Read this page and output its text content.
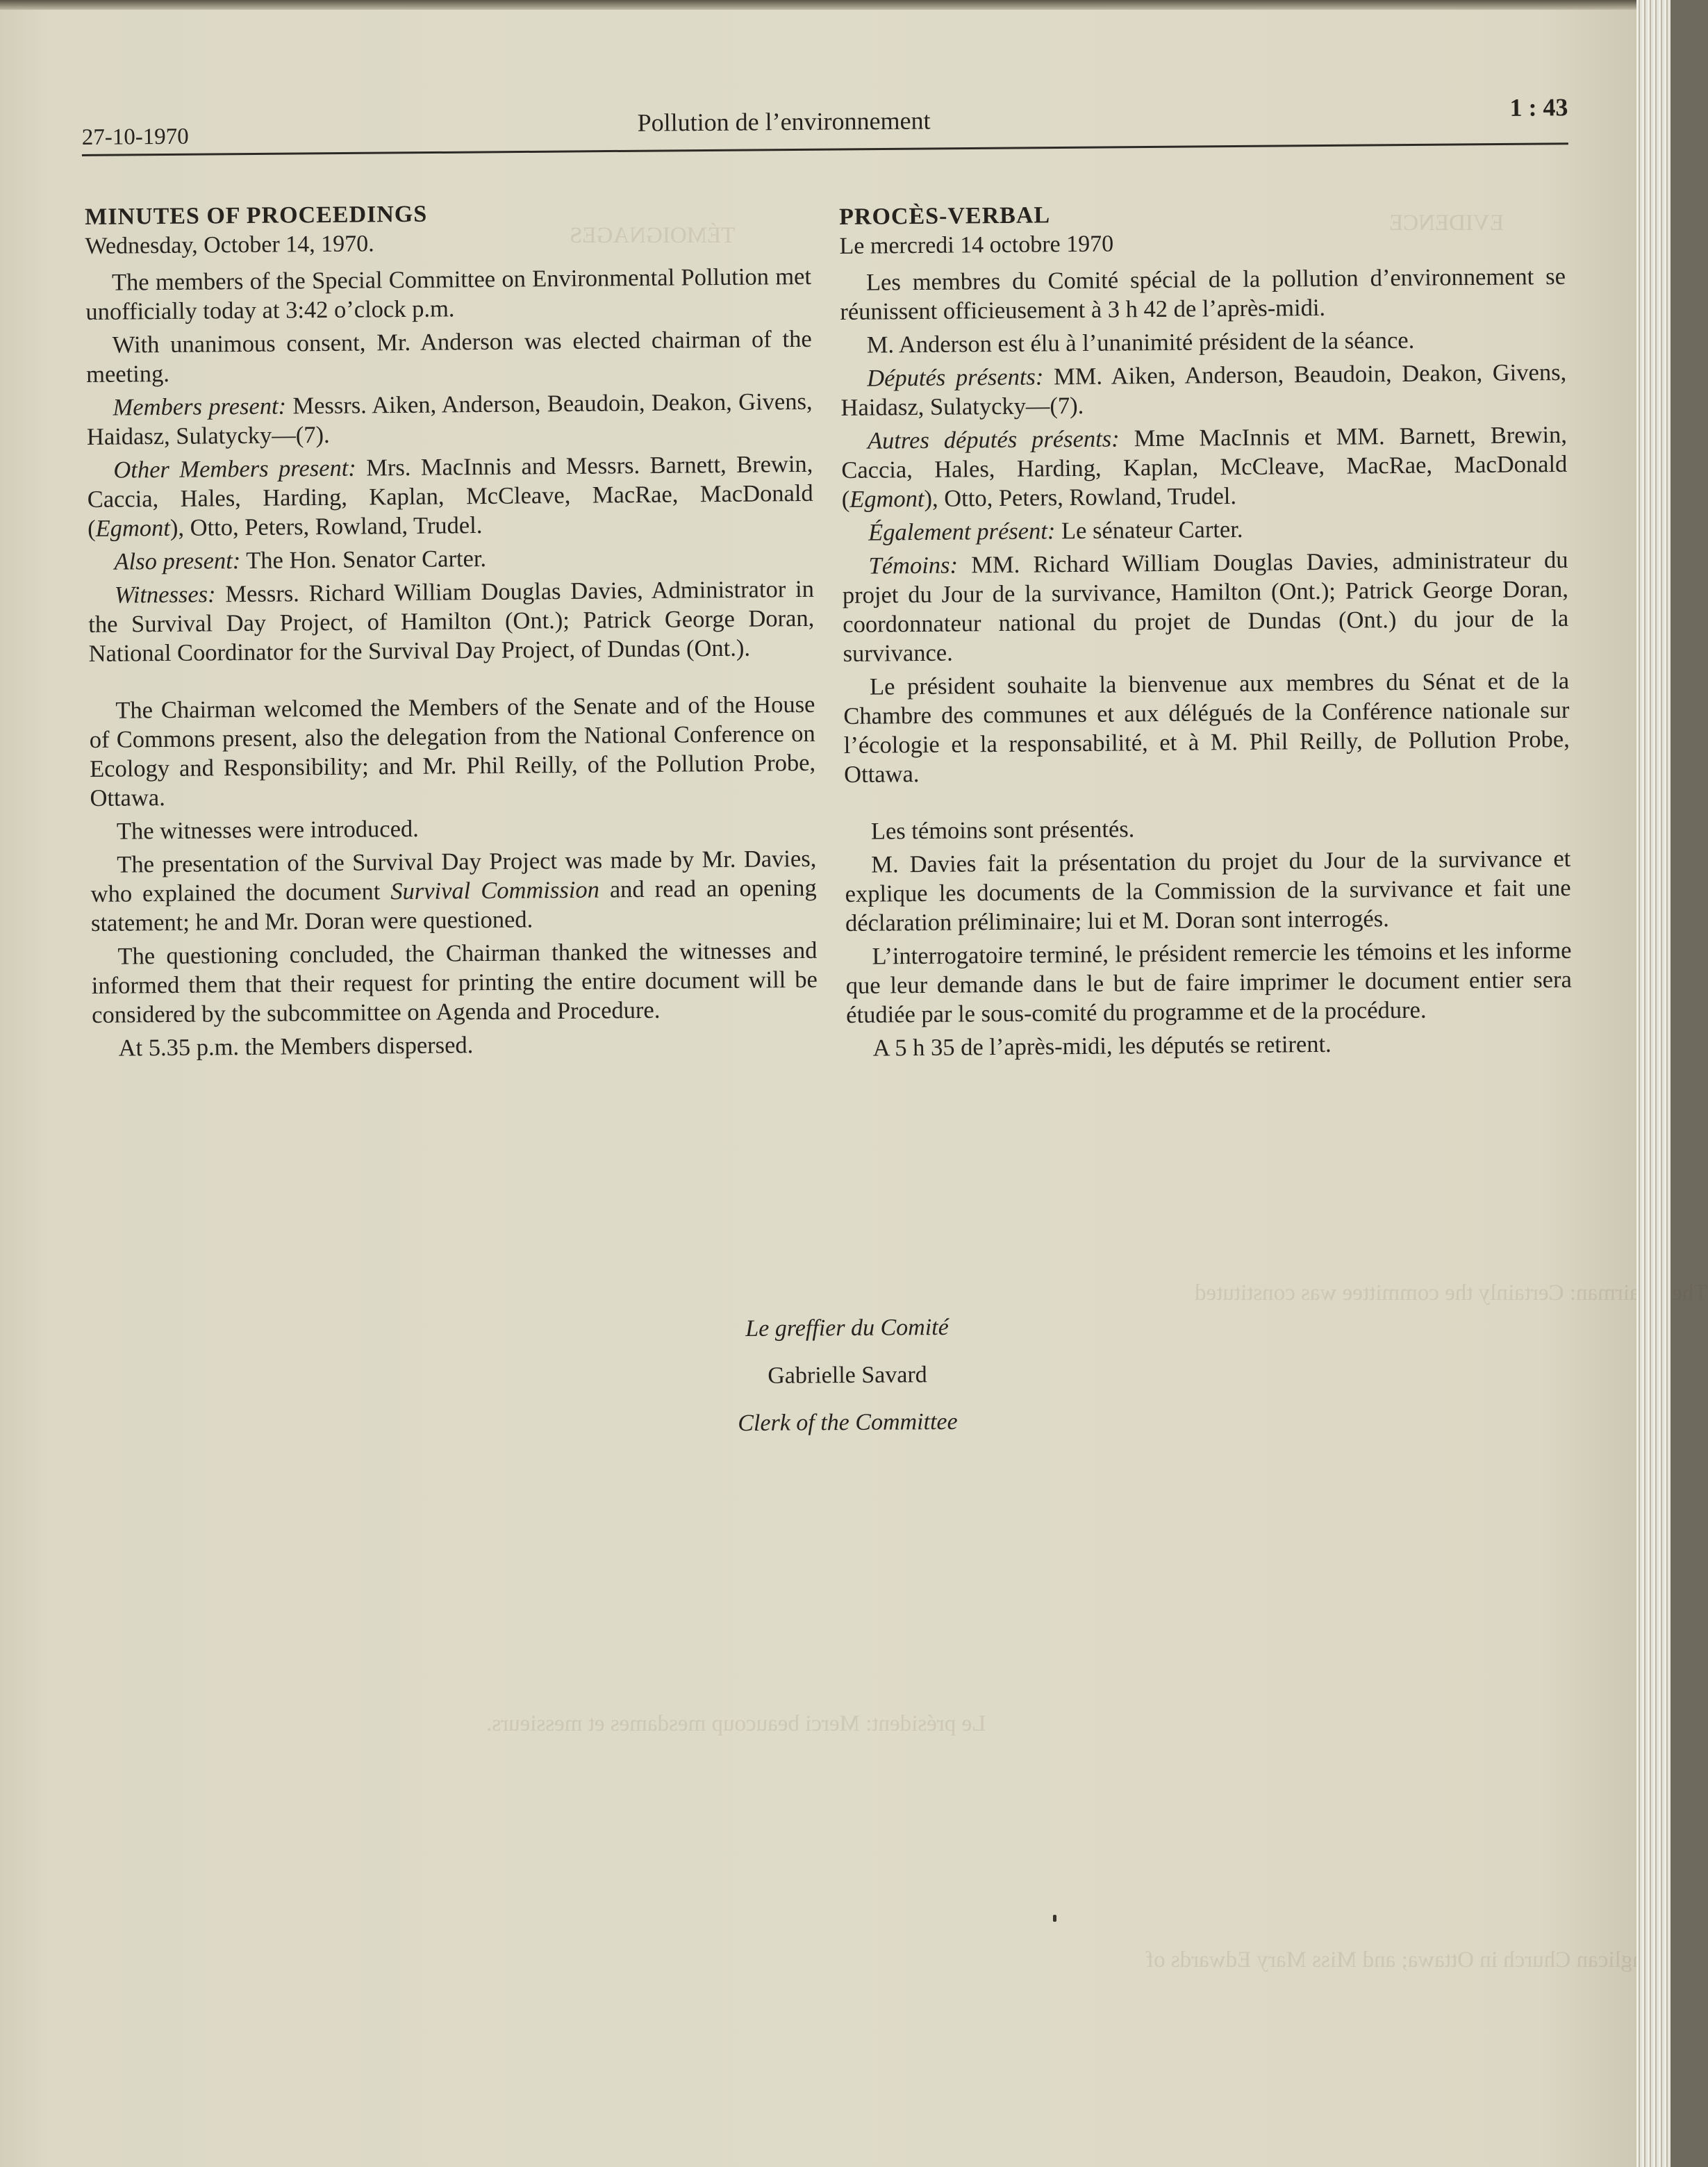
EVIDENCE
TÉMOIGNAGES
The Chairman: Certainly the committee was constituted
Le président: Merci beaucoup mesdames et messieurs.
Anglican Church in Ottawa; and Miss Mary Edwards of
27-10-1970
Pollution de l’environnement	1 : 43
MINUTES OF PROCEEDINGS
Wednesday, October 14, 1970.

The members of the Special Committee on Environmental Pollution met unofficially today at 3:42 o’clock p.m.

With unanimous consent, Mr. Anderson was elected chairman of the meeting.

Members present: Messrs. Aiken, Anderson, Beaudoin, Deakon, Givens, Haidasz, Sulatycky—(7).

Other Members present: Mrs. MacInnis and Messrs. Barnett, Brewin, Caccia, Hales, Harding, Kaplan, McCleave, MacRae, MacDonald (Egmont), Otto, Peters, Rowland, Trudel.

Also present: The Hon. Senator Carter.

Witnesses: Messrs. Richard William Douglas Davies, Administrator in the Survival Day Project, of Hamilton (Ont.); Patrick George Doran, National Coordinator for the Survival Day Project, of Dundas (Ont.).

The Chairman welcomed the Members of the Senate and of the House of Commons present, also the delegation from the National Conference on Ecology and Responsibility; and Mr. Phil Reilly, of the Pollution Probe, Ottawa.

The witnesses were introduced.

The presentation of the Survival Day Project was made by Mr. Davies, who explained the document Survival Commission and read an opening statement; he and Mr. Doran were questioned.

The questioning concluded, the Chairman thanked the witnesses and informed them that their request for printing the entire document will be considered by the subcommittee on Agenda and Procedure.

At 5.35 p.m. the Members dispersed.

PROCÈS-VERBAL
Le mercredi 14 octobre 1970

Les membres du Comité spécial de la pollution d’environnement se réunissent officieusement à 3 h 42 de l’après-midi.

M. Anderson est élu à l’unanimité président de la séance.

Députés présents: MM. Aiken, Anderson, Beaudoin, Deakon, Givens, Haidasz, Sulatycky—(7).

Autres députés présents: Mme MacInnis et MM. Barnett, Brewin, Caccia, Hales, Harding, Kaplan, McCleave, MacRae, MacDonald (Egmont), Otto, Peters, Rowland, Trudel.

Également présent: Le sénateur Carter.

Témoins: MM. Richard William Douglas Davies, administrateur du projet du Jour de la survivance, Hamilton (Ont.); Patrick George Doran, coordonnateur national du projet de Dundas (Ont.) du jour de la survivance.

Le président souhaite la bienvenue aux membres du Sénat et de la Chambre des communes et aux délégués de la Conférence nationale sur l’écologie et la responsabilité, et à M. Phil Reilly, de Pollution Probe, Ottawa.

Les témoins sont présentés.

M. Davies fait la présentation du projet du Jour de la survivance et explique les documents de la Commission de la survivance et fait une déclaration préliminaire; lui et M. Doran sont interrogés.

L’interrogatoire terminé, le président remercie les témoins et les informe que leur demande dans le but de faire imprimer le document entier sera étudiée par le sous-comité du programme et de la procédure.

A 5 h 35 de l’après-midi, les députés se retirent.

Le greffier du Comité
Gabrielle Savard
Clerk of the Committee
